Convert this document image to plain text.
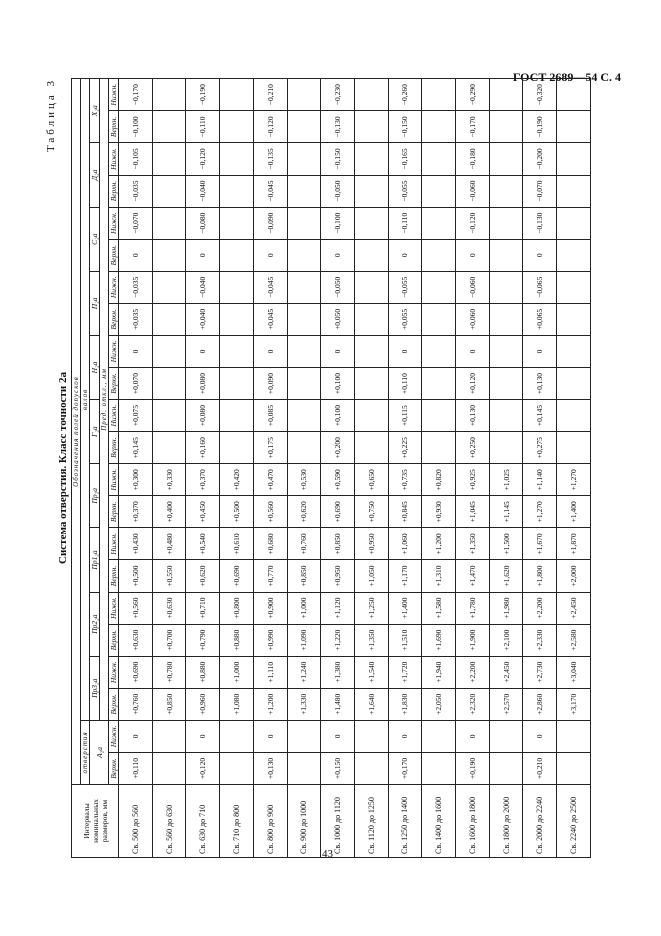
ГОСТ 2689—54 С. 4
43
Таблица 3
Система отверстия. Класс точности 2а
Интервалы номинальных размеров, мм	Обозначения полей допусков																					
	отверстия		валов																			
	А₂а		Пр3₂а		Пр2₂а		Пр1₂а		Пр₂а		Г₂а		Н₂а		П₂а		С₂а		Д₂а		Х₂а	
			Пред. откл., мм																			
	Верхн.	Нижн.	Верхн.	Нижн.	Верхн.	Нижн.	Верхн.	Нижн.	Верхн.	Нижн.	Верхн.	Нижн.	Верхн.	Нижн.	Верхн.	Нижн.	Верхн.	Нижн.	Верхн.	Нижн.	Верхн.	Нижн.
Св. 500 до 560	+0,110	0	+0,760	+0,690	+0,630	+0,560	+0,500	+0,430	+0,370	+0,300	+0,145	+0,075	+0,070	0	+0,035	−0,035	0	−0,070	−0,035	−0,105	−0,100	−0,170
Св. 560 до 630			+0,850	+0,780	+0,700	+0,630	+0,550	+0,480	+0,400	+0,330												
Св. 630 до 710	+0,120	0	+0,960	+0,880	+0,790	+0,710	+0,620	+0,540	+0,450	+0,370	+0,160	+0,080	+0,080	0	+0,040	−0,040	0	−0,080	−0,040	−0,120	−0,110	−0,190
Св. 710 до 800			+1,080	+1,000	+0,880	+0,800	+0,690	+0,610	+0,500	+0,420												
Св. 800 до 900	+0,130	0	+1,200	+1,110	+0,990	+0,900	+0,770	+0,680	+0,560	+0,470	+0,175	+0,085	+0,090	0	+0,045	−0,045	0	−0,090	−0,045	−0,135	−0,120	−0,210
Св. 900 до 1000			+1,330	+1,240	+1,090	+1,000	+0,850	+0,760	+0,620	+0,530												
Св. 1000 до 1120	+0,150	0	+1,480	+1,380	+1,220	+1,120	+0,950	+0,850	+0,690	+0,590	+0,200	+0,100	+0,100	0	+0,050	−0,050	0	−0,100	−0,050	−0,150	−0,130	−0,230
Св. 1120 до 1250			+1,640	+1,540	+1,350	+1,250	+1,050	+0,950	+0,750	+0,650												
Св. 1250 до 1400	+0,170	0	+1,830	+1,720	+1,510	+1,400	+1,170	+1,060	+0,845	+0,735	+0,225	+0,115	+0,110	0	+0,055	−0,055	0	−0,110	−0,055	−0,165	−0,150	−0,260
Св. 1400 до 1600			+2,050	+1,940	+1,690	+1,580	+1,310	+1,200	+0,930	+0,820												
Св. 1600 до 1800	+0,190	0	+2,320	+2,200	+1,900	+1,780	+1,470	+1,350	+1,045	+0,925	+0,250	+0,130	+0,120	0	+0,060	−0,060	0	−0,120	−0,060	−0,180	−0,170	−0,290
Св. 1800 до 2000			+2,570	+2,450	+2,100	+1,980	+1,620	+1,500	+1,145	+1,025												
Св. 2000 до 2240	+0,210	0	+2,860	+2,730	+2,330	+2,200	+1,800	+1,670	+1,270	+1,140	+0,275	+0,145	+0,130	0	+0,065	−0,065	0	−0,130	−0,070	−0,200	−0,190	−0,320
Св. 2240 до 2500			+3,170	+3,040	+2,580	+2,450	+2,000	+1,870	+1,400	+1,270												
